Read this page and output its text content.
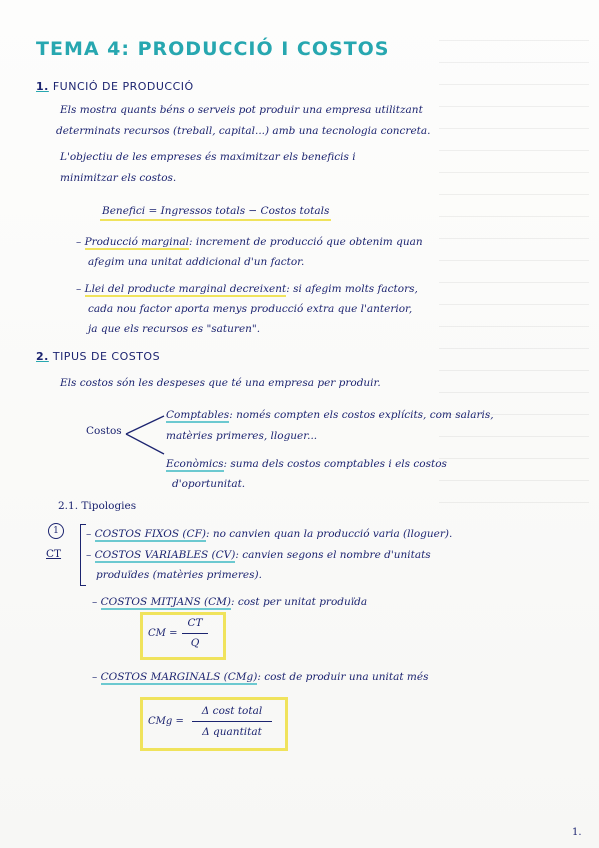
TEMA 4: PRODUCCIÓ I COSTOS
1. FUNCIÓ DE PRODUCCIÓ
Els mostra quants béns o serveis pot produir una empresa utilitzant
determinats recursos (treball, capital...) amb una tecnologia concreta.
L'objectiu de les empreses és maximitzar els beneficis i
minimitzar els costos.
Benefici = Ingressos totals − Costos totals
– Producció marginal: increment de producció que obtenim quan
afegim una unitat addicional d'un factor.
– Llei del producte marginal decreixent: si afegim molts factors,
cada nou factor aporta menys producció extra que l'anterior,
ja que els recursos es "saturen".
2. TIPUS DE COSTOS
Els costos són les despeses que té una empresa per produir.
Costos
Comptables: només compten els costos explícits, com salaris,
matèries primeres, lloguer...
Econòmics: suma dels costos comptables i els costos
d'oportunitat.
2.1. Tipologies
1
CT
– COSTOS FIXOS (CF): no canvien quan la producció varia (lloguer).
– COSTOS VARIABLES (CV): canvien segons el nombre d'unitats
produïdes (matèries primeres).
– COSTOS MITJANS (CM): cost per unitat produïda
CM =
CT
Q
– COSTOS MARGINALS (CMg): cost de produir una unitat més
CMg =
Δ cost total
Δ quantitat
1.
